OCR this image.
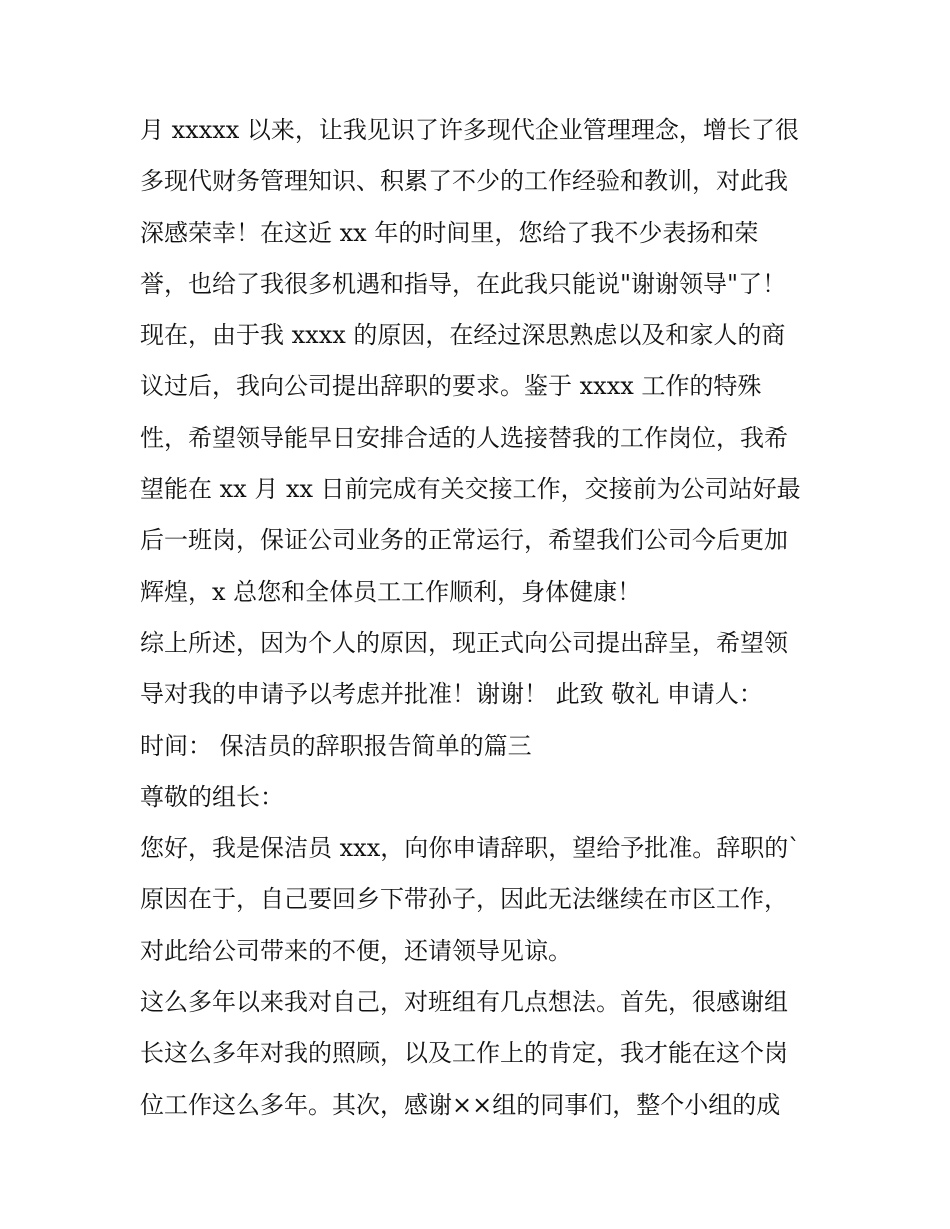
月 xxxxx 以来，让我见识了许多现代企业管理理念，增长了很
多现代财务管理知识、积累了不少的工作经验和教训，对此我
深感荣幸！在这近 xx 年的时间里，您给了我不少表扬和荣
誉，也给了我很多机遇和指导，在此我只能说"谢谢领导"了！
现在，由于我 xxxx 的原因，在经过深思熟虑以及和家人的商
议过后，我向公司提出辞职的要求。鉴于 xxxx 工作的特殊
性，希望领导能早日安排合适的人选接替我的工作岗位，我希
望能在 xx 月 xx 日前完成有关交接工作，交接前为公司站好最
后一班岗，保证公司业务的正常运行，希望我们公司今后更加
辉煌，x 总您和全体员工工作顺利，身体健康！
综上所述，因为个人的原因，现正式向公司提出辞呈，希望领
导对我的申请予以考虑并批准！谢谢！ 此致 敬礼 申请人：
时间： 保洁员的辞职报告简单的篇三
尊敬的组长：
您好，我是保洁员 xxx，向你申请辞职，望给予批准。辞职的`
原因在于，自己要回乡下带孙子，因此无法继续在市区工作，
对此给公司带来的不便，还请领导见谅。
这么多年以来我对自己，对班组有几点想法。首先，很感谢组
长这么多年对我的照顾，以及工作上的肯定，我才能在这个岗
位工作这么多年。其次，感谢××组的同事们，整个小组的成
